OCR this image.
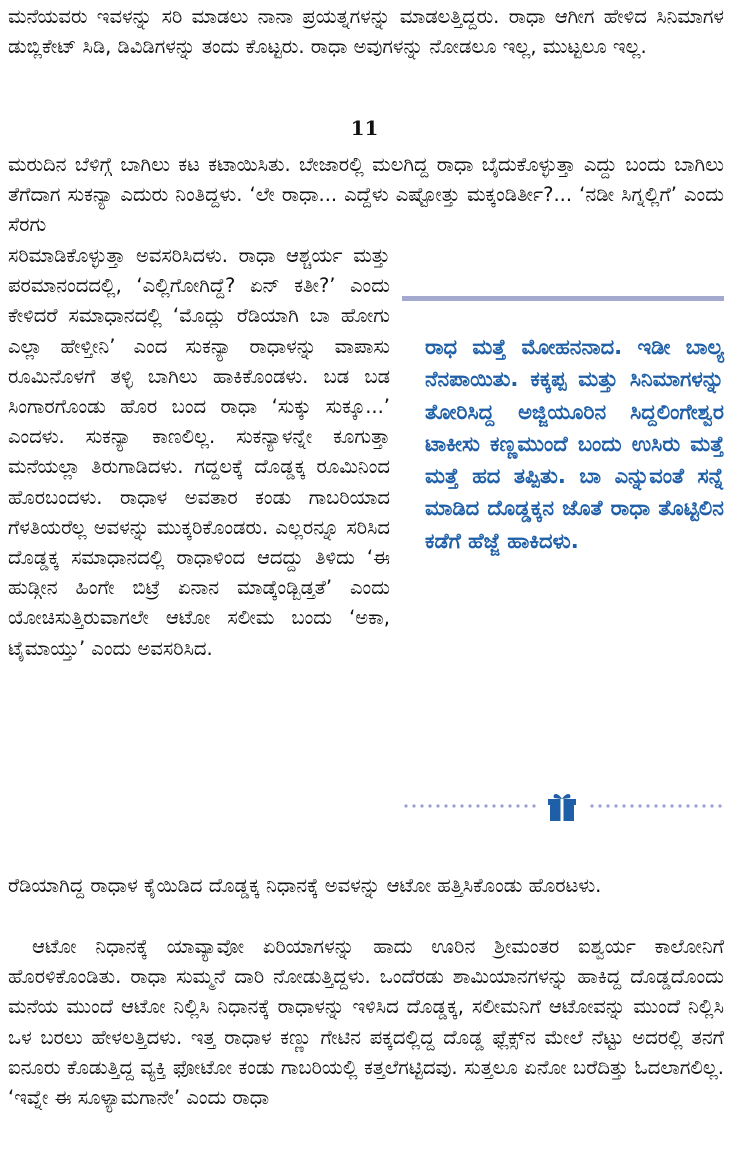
ಮನೆಯವರು ಇವಳನ್ನು ಸರಿ ಮಾಡಲು ನಾನಾ ಪ್ರಯತ್ನಗಳನ್ನು ಮಾಡಲತ್ತಿದ್ದರು. ರಾಧಾ ಆಗೀಗ ಹೇಳಿದ ಸಿನಿಮಾಗಳ ಡುಬ್ಲಿಕೇಟ್ ಸಿಡಿ, ಡಿವಿಡಿಗಳನ್ನು ತಂದು ಕೊಟ್ಟರು. ರಾಧಾ ಅವುಗಳನ್ನು ನೋಡಲೂ ಇಲ್ಲ, ಮುಟ್ಟಲೂ ಇಲ್ಲ.

11

ಮರುದಿನ ಬೆಳಿಗ್ಗೆ ಬಾಗಿಲು ಕಟ ಕಟಾಯಿಸಿತು. ಬೇಜಾರಲ್ಲಿ ಮಲಗಿದ್ದ ರಾಧಾ ಬೈದುಕೊಳ್ಳುತ್ತಾ ಎದ್ದು ಬಂದು ಬಾಗಿಲು ತೆಗೆದಾಗ ಸುಕನ್ಯಾ ಎದುರು ನಿಂತಿದ್ದಳು. ‘ಲೇ ರಾಧಾ... ಎದ್ದೆಳು ಎಷ್ಟೋತ್ತು ಮಕ್ಕಂಡಿರ್ತೀ?... ‘ನಡೀ ಸಿಗ್ನಲ್ಲಿಗೆ’ ಎಂದು ಸೆರಗು

ಸರಿಮಾಡಿಕೊಳ್ಳುತ್ತಾ ಅವಸರಿಸಿದಳು. ರಾಧಾ ಆಶ್ಚರ್ಯ ಮತ್ತು ಪರಮಾನಂದದಲ್ಲಿ, ‘ಎಲ್ಲಿಗೋಗಿದ್ದೆ? ಏನ್ ಕತೀ?’ ಎಂದು ಕೇಳಿದರೆ ಸಮಾಧಾನದಲ್ಲಿ ‘ಮೊದ್ಲು ರೆಡಿಯಾಗಿ ಬಾ ಹೋಗು ಎಲ್ಲಾ ಹೇಳ್ತೀನಿ’ ಎಂದ ಸುಕನ್ಯಾ ರಾಧಾಳನ್ನು ವಾಪಾಸು ರೂಮಿನೊಳಗೆ ತಳ್ಳಿ ಬಾಗಿಲು ಹಾಕಿಕೊಂಡಳು. ಬಡ ಬಡ ಸಿಂಗಾರಗೊಂಡು ಹೊರ ಬಂದ ರಾಧಾ ‘ಸುಕ್ಕು ಸುಕ್ಕೂ...’ ಎಂದಳು. ಸುಕನ್ಯಾ ಕಾಣಲಿಲ್ಲ. ಸುಕನ್ಯಾಳನ್ನೇ ಕೂಗುತ್ತಾ ಮನೆಯಲ್ಲಾ ತಿರುಗಾಡಿದಳು. ಗದ್ದಲಕ್ಕೆ ದೊಡ್ಡಕ್ಕ ರೂಮಿನಿಂದ ಹೊರಬಂದಳು. ರಾಧಾಳ ಅವತಾರ ಕಂಡು ಗಾಬರಿಯಾದ ಗೆಳತಿಯರೆಲ್ಲ ಅವಳನ್ನು ಮುಕ್ಕರಿಕೊಂಡರು. ಎಲ್ಲರನ್ನೂ ಸರಿಸಿದ ದೊಡ್ಡಕ್ಕ ಸಮಾಧಾನದಲ್ಲಿ ರಾಧಾಳಿಂದ ಆದದ್ದು ತಿಳಿದು ‘ಈ ಹುಡ್ಗೀನ ಹಿಂಗೇ ಬಿಟ್ರೆ ಏನಾನ ಮಾಡ್ಕೆಂಡ್ಬಿಡ್ತತೆ’ ಎಂದು ಯೋಚಿಸುತ್ತಿರುವಾಗಲೇ ಆಟೋ ಸಲೀಮ ಬಂದು ‘ಅಕಾ, ಟೈಮಾಯ್ತು’ ಎಂದು ಅವಸರಿಸಿದ.

ರಾಧ ಮತ್ತೆ ಮೋಹನನಾದ. ಇಡೀ ಬಾಲ್ಯ ನೆನಪಾಯಿತು. ಕಕ್ಕಪ್ಪ ಮತ್ತು ಸಿನಿಮಾಗಳನ್ನು ತೋರಿಸಿದ್ದ ಅಜ್ಜಿಯೂರಿನ ಸಿದ್ದಲಿಂಗೇಶ್ವರ ಟಾಕೀಸು ಕಣ್ಣಮುಂದೆ ಬಂದು ಉಸಿರು ಮತ್ತೆ ಮತ್ತೆ ಹದ ತಪ್ಪಿತು. ಬಾ ಎನ್ನುವಂತೆ ಸನ್ನೆ ಮಾಡಿದ ದೊಡ್ಡಕ್ಕನ ಜೊತೆ ರಾಧಾ ತೊಟ್ಟಿಲಿನ ಕಡೆಗೆ ಹೆಜ್ಜೆ ಹಾಕಿದಳು.

ರೆಡಿಯಾಗಿದ್ದ ರಾಧಾಳ ಕೈಯಿಡಿದ ದೊಡ್ಡಕ್ಕ ನಿಧಾನಕ್ಕೆ ಅವಳನ್ನು ಆಟೋ ಹತ್ತಿಸಿಕೊಂಡು ಹೊರಟಳು.

ಆಟೋ ನಿಧಾನಕ್ಕೆ ಯಾವ್ಯಾವೋ ಏರಿಯಾಗಳನ್ನು ಹಾದು ಊರಿನ ಶ್ರೀಮಂತರ ಐಶ್ವರ್ಯ ಕಾಲೋನಿಗೆ ಹೊರಳಿಕೊಂಡಿತು. ರಾಧಾ ಸುಮ್ಮನೆ ದಾರಿ ನೋಡುತ್ತಿದ್ದಳು. ಒಂದೆರಡು ಶಾಮಿಯಾನಗಳನ್ನು ಹಾಕಿದ್ದ ದೊಡ್ಡದೊಂದು ಮನೆಯ ಮುಂದೆ ಆಟೋ ನಿಲ್ಲಿಸಿ ನಿಧಾನಕ್ಕೆ ರಾಧಾಳನ್ನು ಇಳಿಸಿದ ದೊಡ್ಡಕ್ಕ, ಸಲೀಮನಿಗೆ ಆಟೋವನ್ನು ಮುಂದೆ ನಿಲ್ಲಿಸಿ ಒಳ ಬರಲು ಹೇಳಲತ್ತಿದಳು. ಇತ್ತ ರಾಧಾಳ ಕಣ್ಣು ಗೇಟಿನ ಪಕ್ಕದಲ್ಲಿದ್ದ ದೊಡ್ಡ ಫ್ಲೆಕ್ಸ್‌ನ ಮೇಲೆ ನೆಟ್ಟು ಅದರಲ್ಲಿ ತನಗೆ ಐನೂರು ಕೊಡುತ್ತಿದ್ದ ವ್ಯಕ್ತಿ ಫೋಟೋ ಕಂಡು ಗಾಬರಿಯಲ್ಲಿ ಕತ್ತಲೆಗಟ್ಟಿದವು. ಸುತ್ತಲೂ ಏನೋ ಬರೆದಿತ್ತು ಓದಲಾಗಲಿಲ್ಲ. ‘ಇವ್ನೇ ಈ ಸೂಳ್ಯಾಮಗಾನೇ’ ಎಂದು ರಾಧಾ
